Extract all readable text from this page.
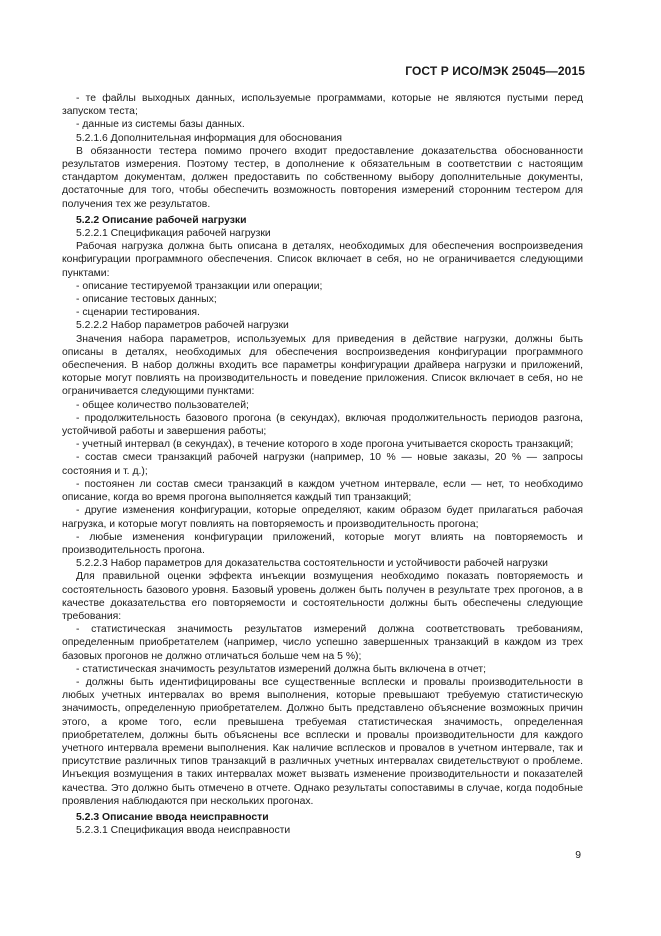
ГОСТ Р ИСО/МЭК 25045—2015

- те файлы выходных данных, используемые программами, которые не являются пустыми перед запуском теста;

- данные из системы базы данных.

5.2.1.6 Дополнительная информация для обоснования

В обязанности тестера помимо прочего входит предоставление доказательства обоснованности результатов измерения. Поэтому тестер, в дополнение к обязательным в соответствии с настоящим стандартом документам, должен предоставить по собственному выбору дополнительные документы, достаточные для того, чтобы обеспечить возможность повторения измерений сторонним тестером для получения тех же результатов.

5.2.2 Описание рабочей нагрузки

5.2.2.1 Спецификация рабочей нагрузки

Рабочая нагрузка должна быть описана в деталях, необходимых для обеспечения воспроизведения конфигурации программного обеспечения. Список включает в себя, но не ограничивается следующими пунктами:

- описание тестируемой транзакции или операции;

- описание тестовых данных;

- сценарии тестирования.

5.2.2.2 Набор параметров рабочей нагрузки

Значения набора параметров, используемых для приведения в действие нагрузки, должны быть описаны в деталях, необходимых для обеспечения воспроизведения конфигурации программного обеспечения. В набор должны входить все параметры конфигурации драйвера нагрузки и приложений, которые могут повлиять на производительность и поведение приложения. Список включает в себя, но не ограничивается следующими пунктами:

- общее количество пользователей;

- продолжительность базового прогона (в секундах), включая продолжительность периодов разгона, устойчивой работы и завершения работы;

- учетный интервал (в секундах), в течение которого в ходе прогона учитывается скорость транзакций;

- состав смеси транзакций рабочей нагрузки (например, 10 % — новые заказы, 20 % — запросы состояния и т. д.);

- постоянен ли состав смеси транзакций в каждом учетном интервале, если — нет, то необходимо описание, когда во время прогона выполняется каждый тип транзакций;

- другие изменения конфигурации, которые определяют, каким образом будет прилагаться рабочая нагрузка, и которые могут повлиять на повторяемость и производительность прогона;

- любые изменения конфигурации приложений, которые могут влиять на повторяемость и производительность прогона.

5.2.2.3 Набор параметров для доказательства состоятельности и устойчивости рабочей нагрузки

Для правильной оценки эффекта инъекции возмущения необходимо показать повторяемость и состоятельность базового уровня. Базовый уровень должен быть получен в результате трех прогонов, а в качестве доказательства его повторяемости и состоятельности должны быть обеспечены следующие требования:

- статистическая значимость результатов измерений должна соответствовать требованиям, определенным приобретателем (например, число успешно завершенных транзакций в каждом из трех базовых прогонов не должно отличаться больше чем на 5 %);

- статистическая значимость результатов измерений должна быть включена в отчет;

- должны быть идентифицированы все существенные всплески и провалы производительности в любых учетных интервалах во время выполнения, которые превышают требуемую статистическую значимость, определенную приобретателем. Должно быть представлено объяснение возможных причин этого, а кроме того, если превышена требуемая статистическая значимость, определенная приобретателем, должны быть объяснены все всплески и провалы производительности для каждого учетного интервала времени выполнения. Как наличие всплесков и провалов в учетном интервале, так и присутствие различных типов транзакций в различных учетных интервалах свидетельствуют о проблеме. Инъекция возмущения в таких интервалах может вызвать изменение производительности и показателей качества. Это должно быть отмечено в отчете. Однако результаты сопоставимы в случае, когда подобные проявления наблюдаются при нескольких прогонах.

5.2.3 Описание ввода неисправности

5.2.3.1 Спецификация ввода неисправности

9
